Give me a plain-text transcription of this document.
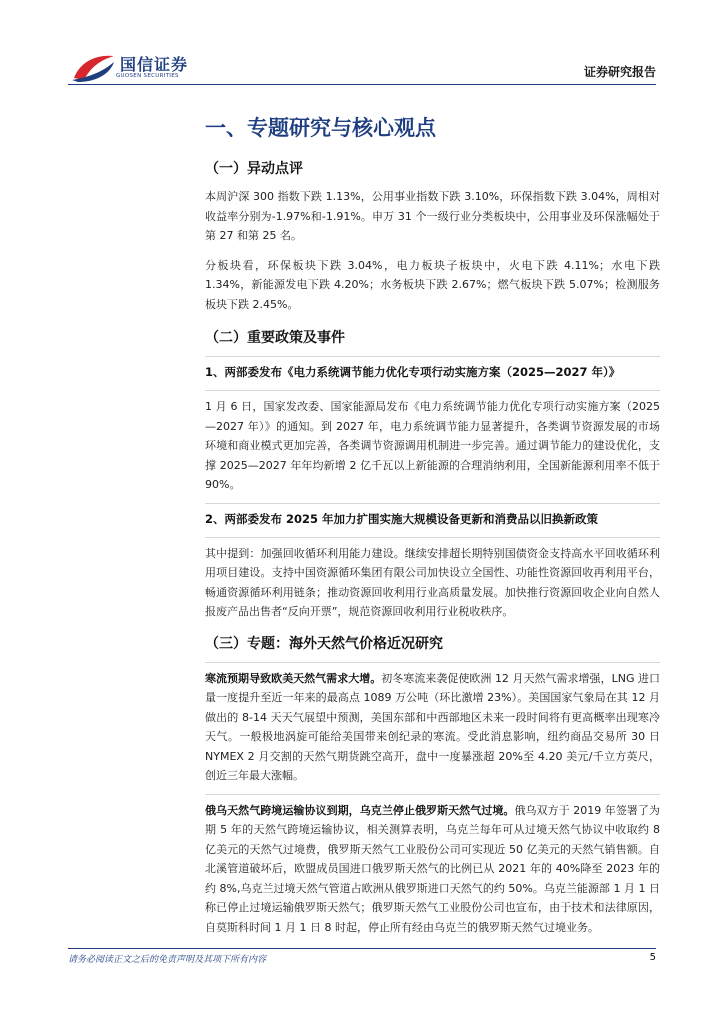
国信证券
GUOSEN SECURITIES	证券研究报告
一、专题研究与核心观点
（一）异动点评

本周沪深 300 指数下跌 1.13%，公用事业指数下跌 3.10%，环保指数下跌 3.04%，周相对收益率分别为-1.97%和-1.91%。申万 31 个一级行业分类板块中，公用事业及环保涨幅处于第 27 和第 25 名。

分板块看，环保板块下跌 3.04%，电力板块子板块中，火电下跌 4.11%；水电下跌 1.34%，新能源发电下跌 4.20%；水务板块下跌 2.67%；燃气板块下跌 5.07%；检测服务板块下跌 2.45%。

（二）重要政策及事件
1、两部委发布《电力系统调节能力优化专项行动实施方案（2025—2027 年）》

1 月 6 日，国家发改委、国家能源局发布《电力系统调节能力优化专项行动实施方案（2025—2027 年）》的通知。到 2027 年，电力系统调节能力显著提升，各类调节资源发展的市场环境和商业模式更加完善，各类调节资源调用机制进一步完善。通过调节能力的建设优化，支撑 2025—2027 年年均新增 2 亿千瓦以上新能源的合理消纳利用，全国新能源利用率不低于 90%。

2、两部委发布 2025 年加力扩围实施大规模设备更新和消费品以旧换新政策

其中提到：加强回收循环利用能力建设。继续安排超长期特别国债资金支持高水平回收循环利用项目建设。支持中国资源循环集团有限公司加快设立全国性、功能性资源回收再利用平台，畅通资源循环利用链条；推动资源回收利用行业高质量发展。加快推行资源回收企业向自然人报废产品出售者“反向开票”，规范资源回收利用行业税收秩序。

（三）专题：海外天然气价格近况研究

寒流预期导致欧美天然气需求大增。初冬寒流来袭促使欧洲 12 月天然气需求增强，LNG 进口量一度提升至近一年来的最高点 1089 万公吨（环比激增 23%）。美国国家气象局在其 12 月做出的 8-14 天天气展望中预测，美国东部和中西部地区未来一段时间将有更高概率出现寒冷天气。一般极地涡旋可能给美国带来创纪录的寒流。受此消息影响，纽约商品交易所 30 日 NYMEX 2 月交割的天然气期货跳空高开，盘中一度暴涨超 20%至 4.20 美元/千立方英尺，创近三年最大涨幅。

俄乌天然气跨境运输协议到期，乌克兰停止俄罗斯天然气过境。俄乌双方于 2019 年签署了为期 5 年的天然气跨境运输协议，相关测算表明，乌克兰每年可从过境天然气协议中收取约 8 亿美元的天然气过境费，俄罗斯天然气工业股份公司可实现近 50 亿美元的天然气销售额。自北溪管道破坏后，欧盟成员国进口俄罗斯天然气的比例已从 2021 年的 40%降至 2023 年的约 8%,乌克兰过境天然气管道占欧洲从俄罗斯进口天然气的约 50%。乌克兰能源部 1 月 1 日称已停止过境运输俄罗斯天然气；俄罗斯天然气工业股份公司也宣布，由于技术和法律原因，自莫斯科时间 1 月 1 日 8 时起，停止所有经由乌克兰的俄罗斯天然气过境业务。

请务必阅读正文之后的免责声明及其项下所有内容	5
